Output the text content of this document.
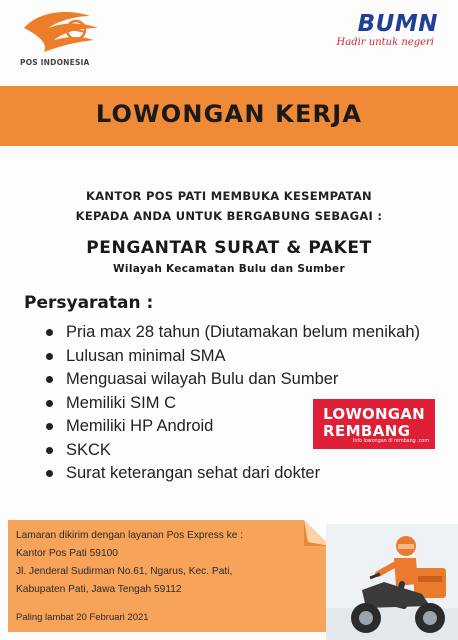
POS INDONESIA
BUMN
Hadir untuk negeri
LOWONGAN KERJA
KANTOR POS PATI MEMBUKA KESEMPATAN
KEPADA ANDA UNTUK BERGABUNG SEBAGAI :
PENGANTAR SURAT & PAKET
Wilayah Kecamatan Bulu dan Sumber
Persyaratan :
Pria max 28 tahun (Diutamakan belum menikah)
Lulusan minimal SMA
Menguasai wilayah Bulu dan Sumber
Memiliki SIM C
Memiliki HP Android
SKCK
Surat keterangan sehat dari dokter
LOWONGAN
REMBANG
Info lowongan di rembang .com
Lamaran dikirim dengan layanan Pos Express ke :
Kantor Pos Pati 59100
Jl. Jenderal Sudirman No.61, Ngarus, Kec. Pati,
Kabupaten Pati, Jawa Tengah 59112
Paling lambat 20 Februari 2021
